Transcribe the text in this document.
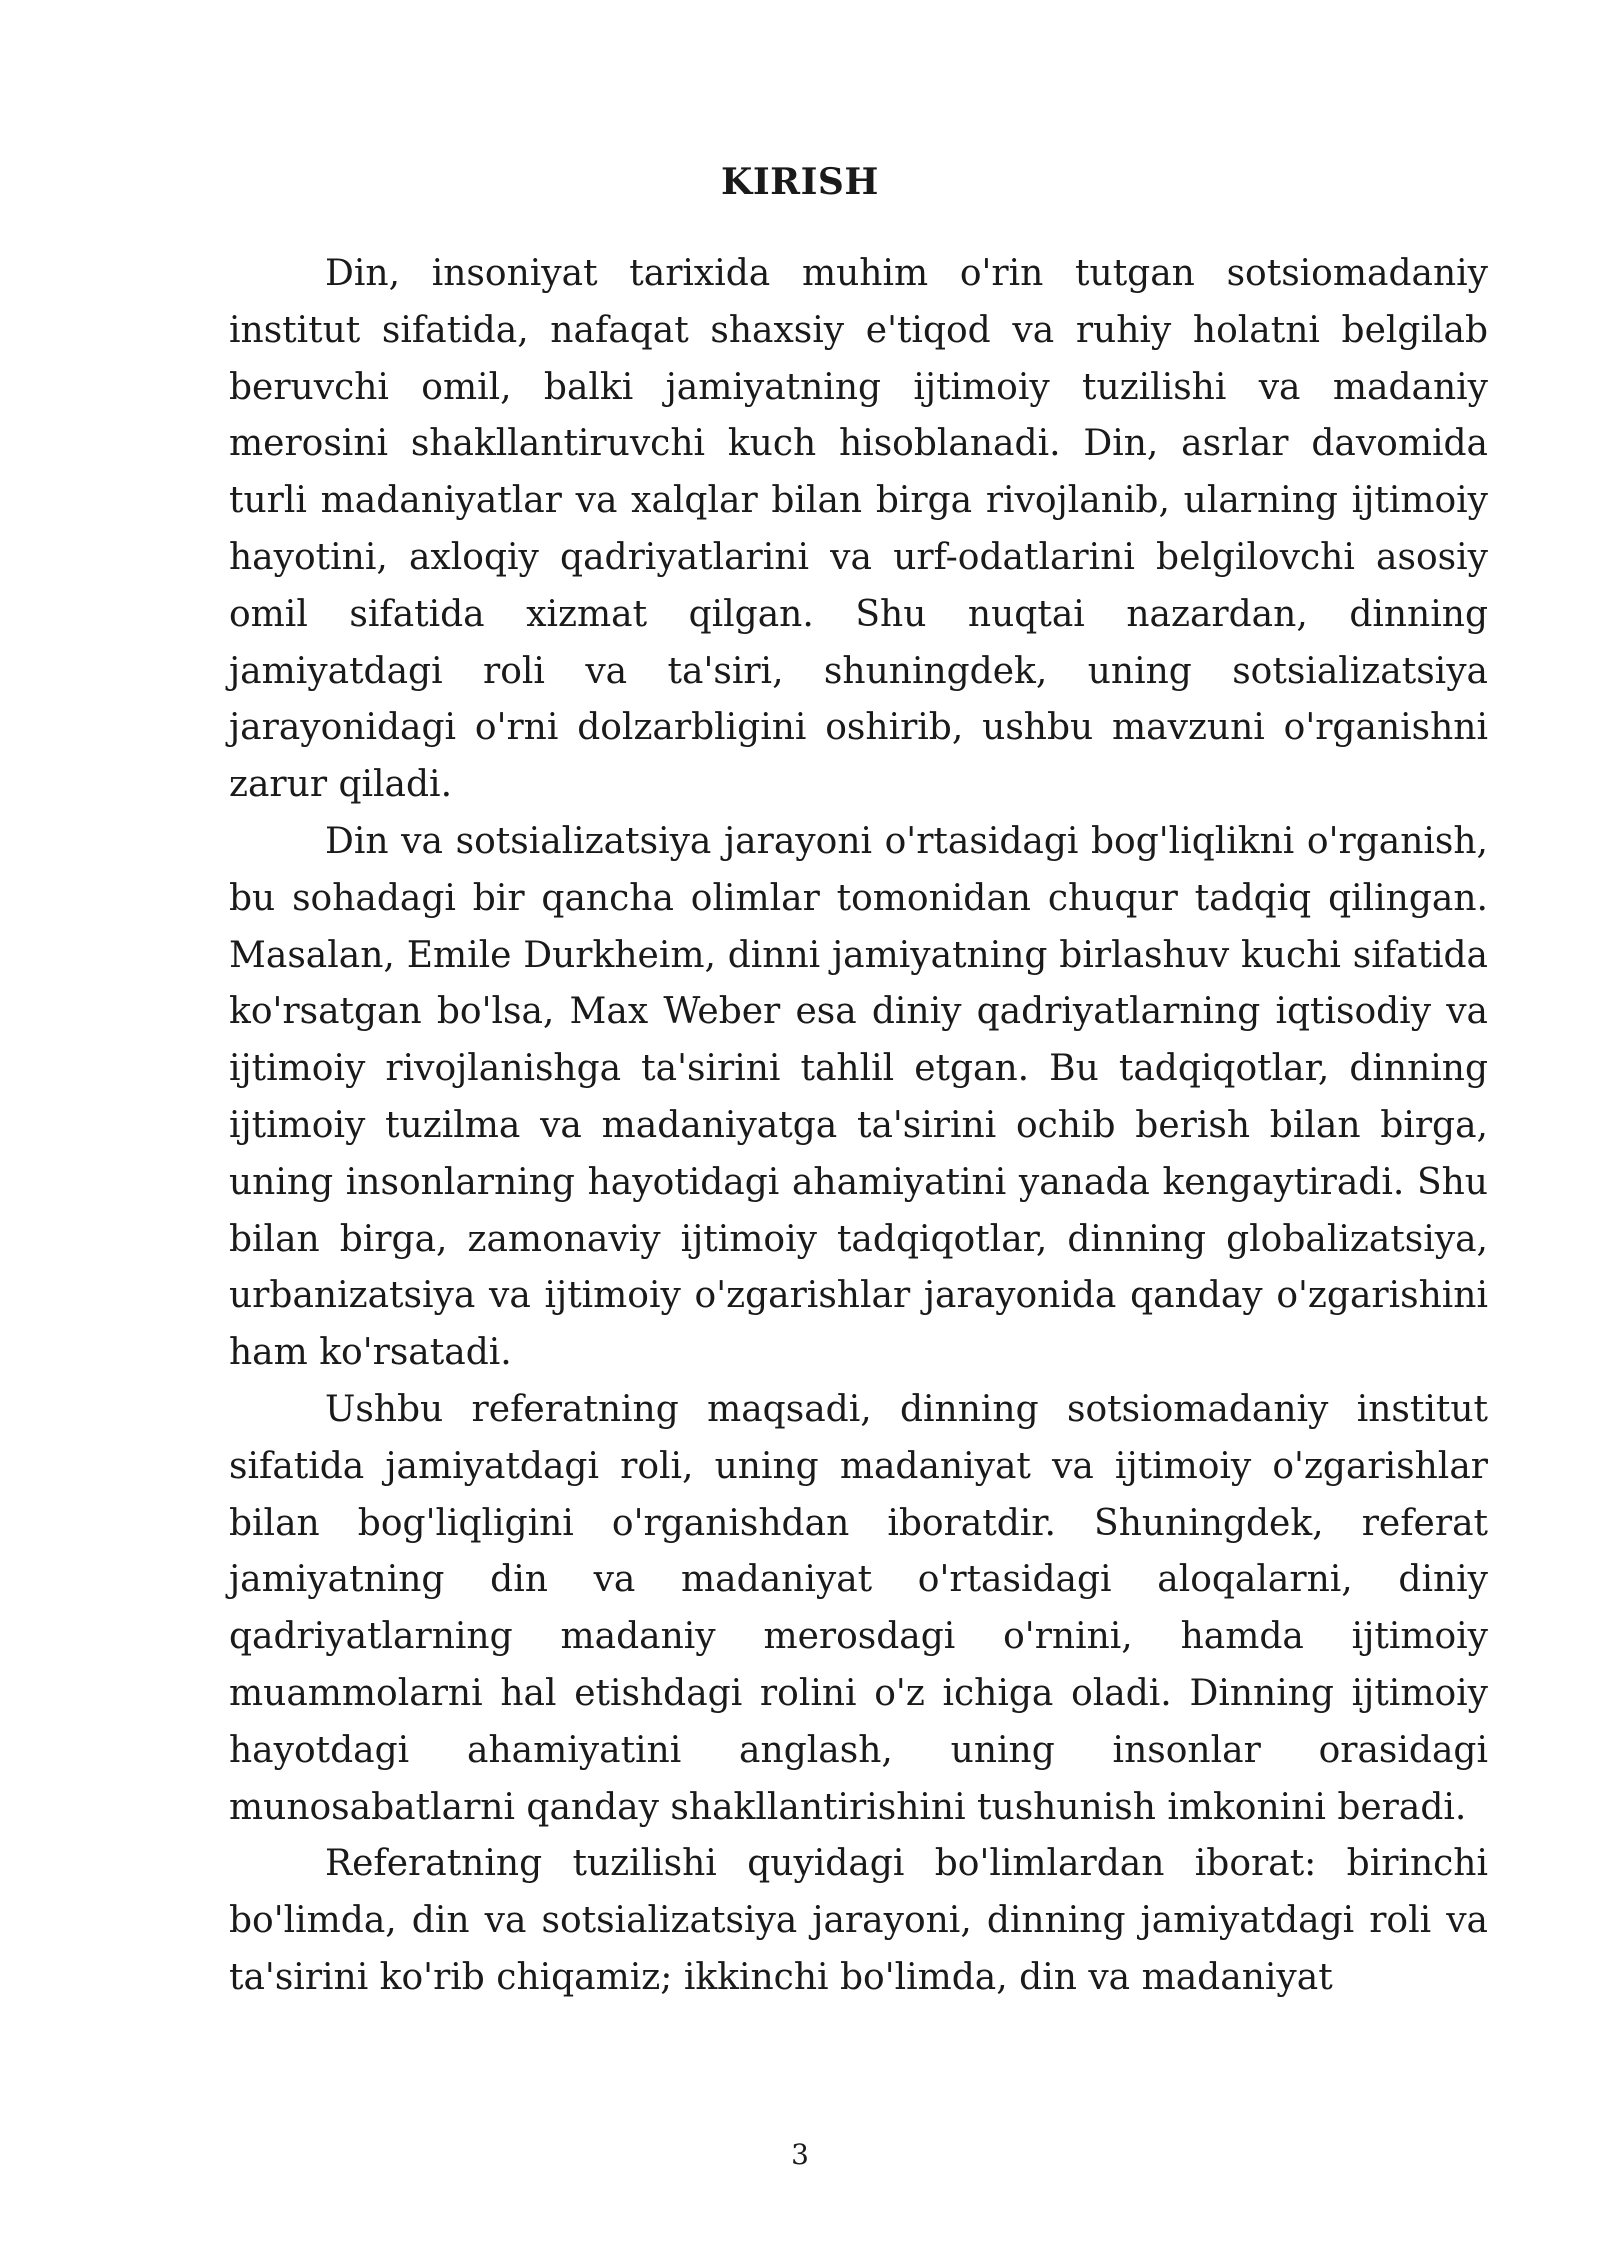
KIRISH

Din, insoniyat tarixida muhim o'rin tutgan sotsiomadaniy institut sifatida, nafaqat shaxsiy e'tiqod va ruhiy holatni belgilab beruvchi omil, balki jamiyatning ijtimoiy tuzilishi va madaniy merosini shakllantiruvchi kuch hisoblanadi. Din, asrlar davomida turli madaniyatlar va xalqlar bilan birga rivojlanib, ularning ijtimoiy hayotini, axloqiy qadriyatlarini va urf-odatlarini belgilovchi asosiy omil sifatida xizmat qilgan. Shu nuqtai nazardan, dinning jamiyatdagi roli va ta'siri, shuningdek, uning sotsializatsiya jarayonidagi o'rni dolzarbligini oshirib, ushbu mavzuni o'rganishni zarur qiladi.

Din va sotsializatsiya jarayoni o'rtasidagi bog'liqlikni o'rganish, bu sohadagi bir qancha olimlar tomonidan chuqur tadqiq qilingan. Masalan, Emile Durkheim, dinni jamiyatning birlashuv kuchi sifatida ko'rsatgan bo'lsa, Max Weber esa diniy qadriyatlarning iqtisodiy va ijtimoiy rivojlanishga ta'sirini tahlil etgan. Bu tadqiqotlar, dinning ijtimoiy tuzilma va madaniyatga ta'sirini ochib berish bilan birga, uning insonlarning hayotidagi ahamiyatini yanada kengaytiradi. Shu bilan birga, zamonaviy ijtimoiy tadqiqotlar, dinning globalizatsiya, urbanizatsiya va ijtimoiy o'zgarishlar jarayonida qanday o'zgarishini ham ko'rsatadi.

Ushbu referatning maqsadi, dinning sotsiomadaniy institut sifatida jamiyatdagi roli, uning madaniyat va ijtimoiy o'zgarishlar bilan bog'liqligini o'rganishdan iboratdir. Shuningdek, referat jamiyatning din va madaniyat o'rtasidagi aloqalarni, diniy qadriyatlarning madaniy merosdagi o'rnini, hamda ijtimoiy muammolarni hal etishdagi rolini o'z ichiga oladi. Dinning ijtimoiy hayotdagi ahamiyatini anglash, uning insonlar orasidagi munosabatlarni qanday shakllantirishini tushunish imkonini beradi.

Referatning tuzilishi quyidagi bo'limlardan iborat: birinchi bo'limda, din va sotsializatsiya jarayoni, dinning jamiyatdagi roli va ta'sirini ko'rib chiqamiz; ikkinchi bo'limda, din va madaniyat

3
